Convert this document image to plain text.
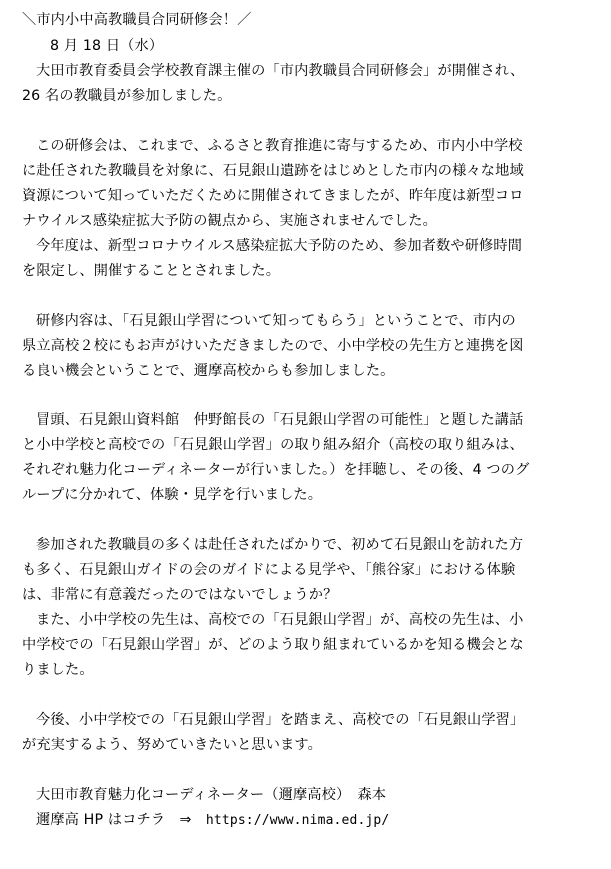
＼市内小中高教職員合同研修会！／
8 月 18 日（水）
大田市教育委員会学校教育課主催の「市内教職員合同研修会」が開催され、
26 名の教職員が参加しました。
この研修会は、これまで、ふるさと教育推進に寄与するため、市内小中学校
に赴任された教職員を対象に、石見銀山遺跡をはじめとした市内の様々な地域
資源について知っていただくために開催されてきましたが、昨年度は新型コロ
ナウイルス感染症拡大予防の観点から、実施されませんでした。
今年度は、新型コロナウイルス感染症拡大予防のため、参加者数や研修時間
を限定し、開催することとされました。
研修内容は、「石見銀山学習について知ってもらう」ということで、市内の
県立高校２校にもお声がけいただきましたので、小中学校の先生方と連携を図
る良い機会ということで、邇摩高校からも参加しました。
冒頭、石見銀山資料館　仲野館長の「石見銀山学習の可能性」と題した講話
と小中学校と高校での「石見銀山学習」の取り組み紹介（高校の取り組みは、
それぞれ魅力化コーディネーターが行いました。）を拝聴し、その後、4 つのグ
ループに分かれて、体験・見学を行いました。
参加された教職員の多くは赴任されたばかりで、初めて石見銀山を訪れた方
も多く、石見銀山ガイドの会のガイドによる見学や、「熊谷家」における体験
は、非常に有意義だったのではないでしょうか？
また、小中学校の先生は、高校での「石見銀山学習」が、高校の先生は、小
中学校での「石見銀山学習」が、どのよう取り組まれているかを知る機会とな
りました。
今後、小中学校での「石見銀山学習」を踏まえ、高校での「石見銀山学習」
が充実するよう、努めていきたいと思います。
大田市教育魅力化コーディネーター（邇摩高校）　森本
邇摩高 HP はコチラ　⇒　https://www.nima.ed.jp/
